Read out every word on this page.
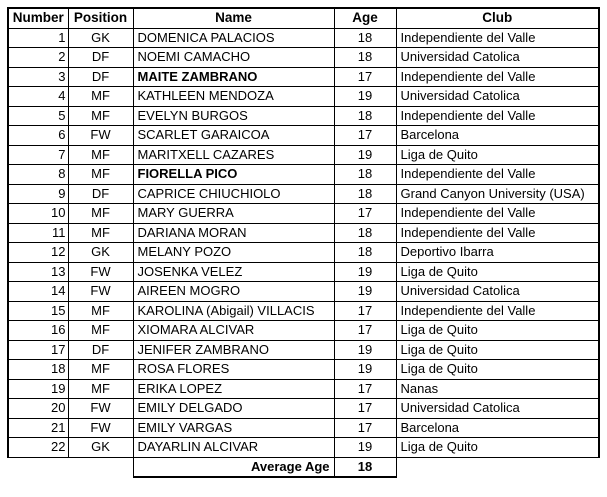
Number	Position	Name	Age	Club
1	GK	DOMENICA PALACIOS	18	Independiente del Valle
2	DF	NOEMI CAMACHO	18	Universidad Catolica
3	DF	MAITE ZAMBRANO	17	Independiente del Valle
4	MF	KATHLEEN MENDOZA	19	Universidad Catolica
5	MF	EVELYN BURGOS	18	Independiente del Valle
6	FW	SCARLET GARAICOA	17	Barcelona
7	MF	MARITXELL CAZARES	19	Liga de Quito
8	MF	FIORELLA PICO	18	Independiente del Valle
9	DF	CAPRICE CHIUCHIOLO	18	Grand Canyon University (USA)
10	MF	MARY GUERRA	17	Independiente del Valle
11	MF	DARIANA MORAN	18	Independiente del Valle
12	GK	MELANY POZO	18	Deportivo Ibarra
13	FW	JOSENKA VELEZ	19	Liga de Quito
14	FW	AIREEN MOGRO	19	Universidad Catolica
15	MF	KAROLINA (Abigail) VILLACIS	17	Independiente del Valle
16	MF	XIOMARA ALCIVAR	17	Liga de Quito
17	DF	JENIFER ZAMBRANO	19	Liga de Quito
18	MF	ROSA FLORES	19	Liga de Quito
19	MF	ERIKA LOPEZ	17	Nanas
20	FW	EMILY DELGADO	17	Universidad Catolica
21	FW	EMILY VARGAS	17	Barcelona
22	GK	DAYARLIN ALCIVAR	19	Liga de Quito
		Average Age	18	
